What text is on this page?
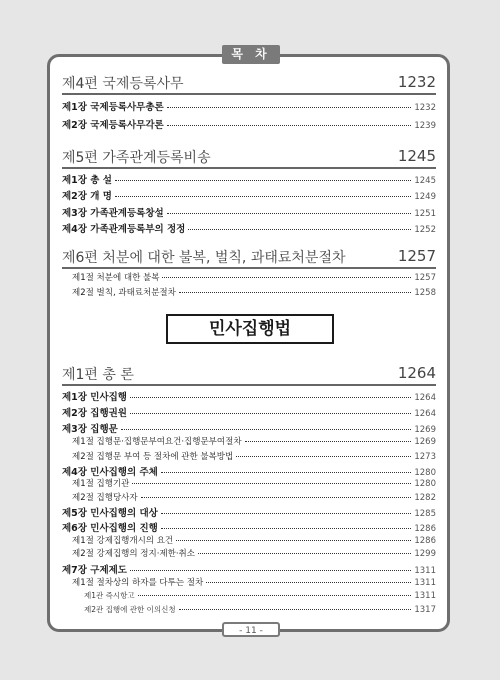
목 차
제4편 국제등록사무	1232
제1장 국제등록사무총론	1232
제2장 국제등록사무각론	1239
제5편 가족관계등록비송	1245
제1장 총 설	1245
제2장 개 명	1249
제3장 가족관계등록창설	1251
제4장 가족관계등록부의 정정	1252
제6편 처분에 대한 불복, 벌칙, 과태료처분절차	1257
제1절 처분에 대한 불복	1257
제2절 벌칙, 과태료처분절차	1258
제1편 총 론	1264
제1장 민사집행	1264
제2장 집행권원	1264
제3장 집행문	1269
제1절 집행문·집행문부여요건·집행문부여절차	1269
제2절 집행문 부여 등 절차에 관한 불복방법	1273
제4장 민사집행의 주체	1280
제1절 집행기관	1280
제2절 집행당사자	1282
제5장 민사집행의 대상	1285
제6장 민사집행의 진행	1286
제1절 강제집행개시의 요건	1286
제2절 강제집행의 정지·제한·취소	1299
제7장 구제제도	1311
제1절 절차상의 하자를 다투는 절차	1311
제1관 즉시항고	1311
제2관 집행에 관한 이의신청	1317
민사집행법
- 11 -
